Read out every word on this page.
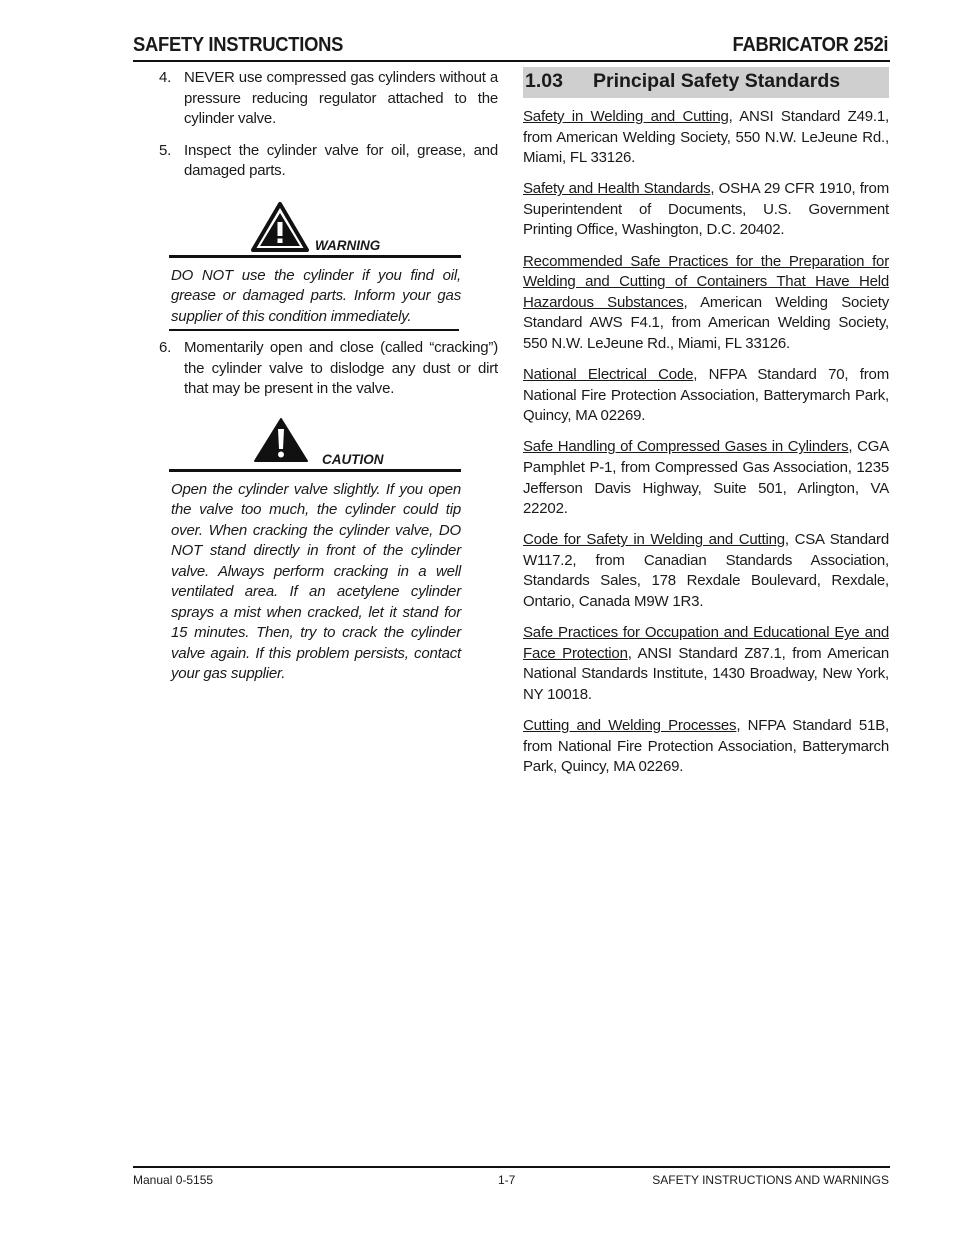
SAFETY INSTRUCTIONS	FABRICATOR 252i
4. NEVER use compressed gas cylinders without a pressure reducing regulator attached to the cylinder valve.
5. Inspect the cylinder valve for oil, grease, and damaged parts.
WARNING
DO NOT use the cylinder if you find oil, grease or damaged parts. Inform your gas supplier of this condition immediately.
6. Momentarily open and close (called “cracking”) the cylinder valve to dislodge any dust or dirt that may be present in the valve.
CAUTION
Open the cylinder valve slightly. If you open the valve too much, the cylinder could tip over. When cracking the cylinder valve, DO NOT stand directly in front of the cylinder valve. Always perform cracking in a well ventilated area. If an acetylene cylinder sprays a mist when cracked, let it stand for 15 minutes. Then, try to crack the cylinder valve again. If this problem persists, contact your gas supplier.
1.03 Principal Safety Standards
Safety in Welding and Cutting, ANSI Standard Z49.1, from American Welding Society, 550 N.W. LeJeune Rd., Miami, FL 33126.
Safety and Health Standards, OSHA 29 CFR 1910, from Superintendent of Documents, U.S. Government Printing Office, Washington, D.C. 20402.
Recommended Safe Practices for the Preparation for Welding and Cutting of Containers That Have Held Hazardous Substances, American Welding Society Standard AWS F4.1, from American Welding Society, 550 N.W. LeJeune Rd., Miami, FL 33126.
National Electrical Code, NFPA Standard 70, from National Fire Protection Association, Batterymarch Park, Quincy, MA 02269.
Safe Handling of Compressed Gases in Cylinders, CGA Pamphlet P-1, from Compressed Gas Association, 1235 Jefferson Davis Highway, Suite 501, Arlington, VA 22202.
Code for Safety in Welding and Cutting, CSA Standard W117.2, from Canadian Standards Association, Standards Sales, 178 Rexdale Boulevard, Rexdale, Ontario, Canada M9W 1R3.
Safe Practices for Occupation and Educational Eye and Face Protection, ANSI Standard Z87.1, from American National Standards Institute, 1430 Broadway, New York, NY 10018.
Cutting and Welding Processes, NFPA Standard 51B, from National Fire Protection Association, Batterymarch Park, Quincy, MA 02269.
Manual 0-5155	1-7	SAFETY INSTRUCTIONS AND WARNINGS
